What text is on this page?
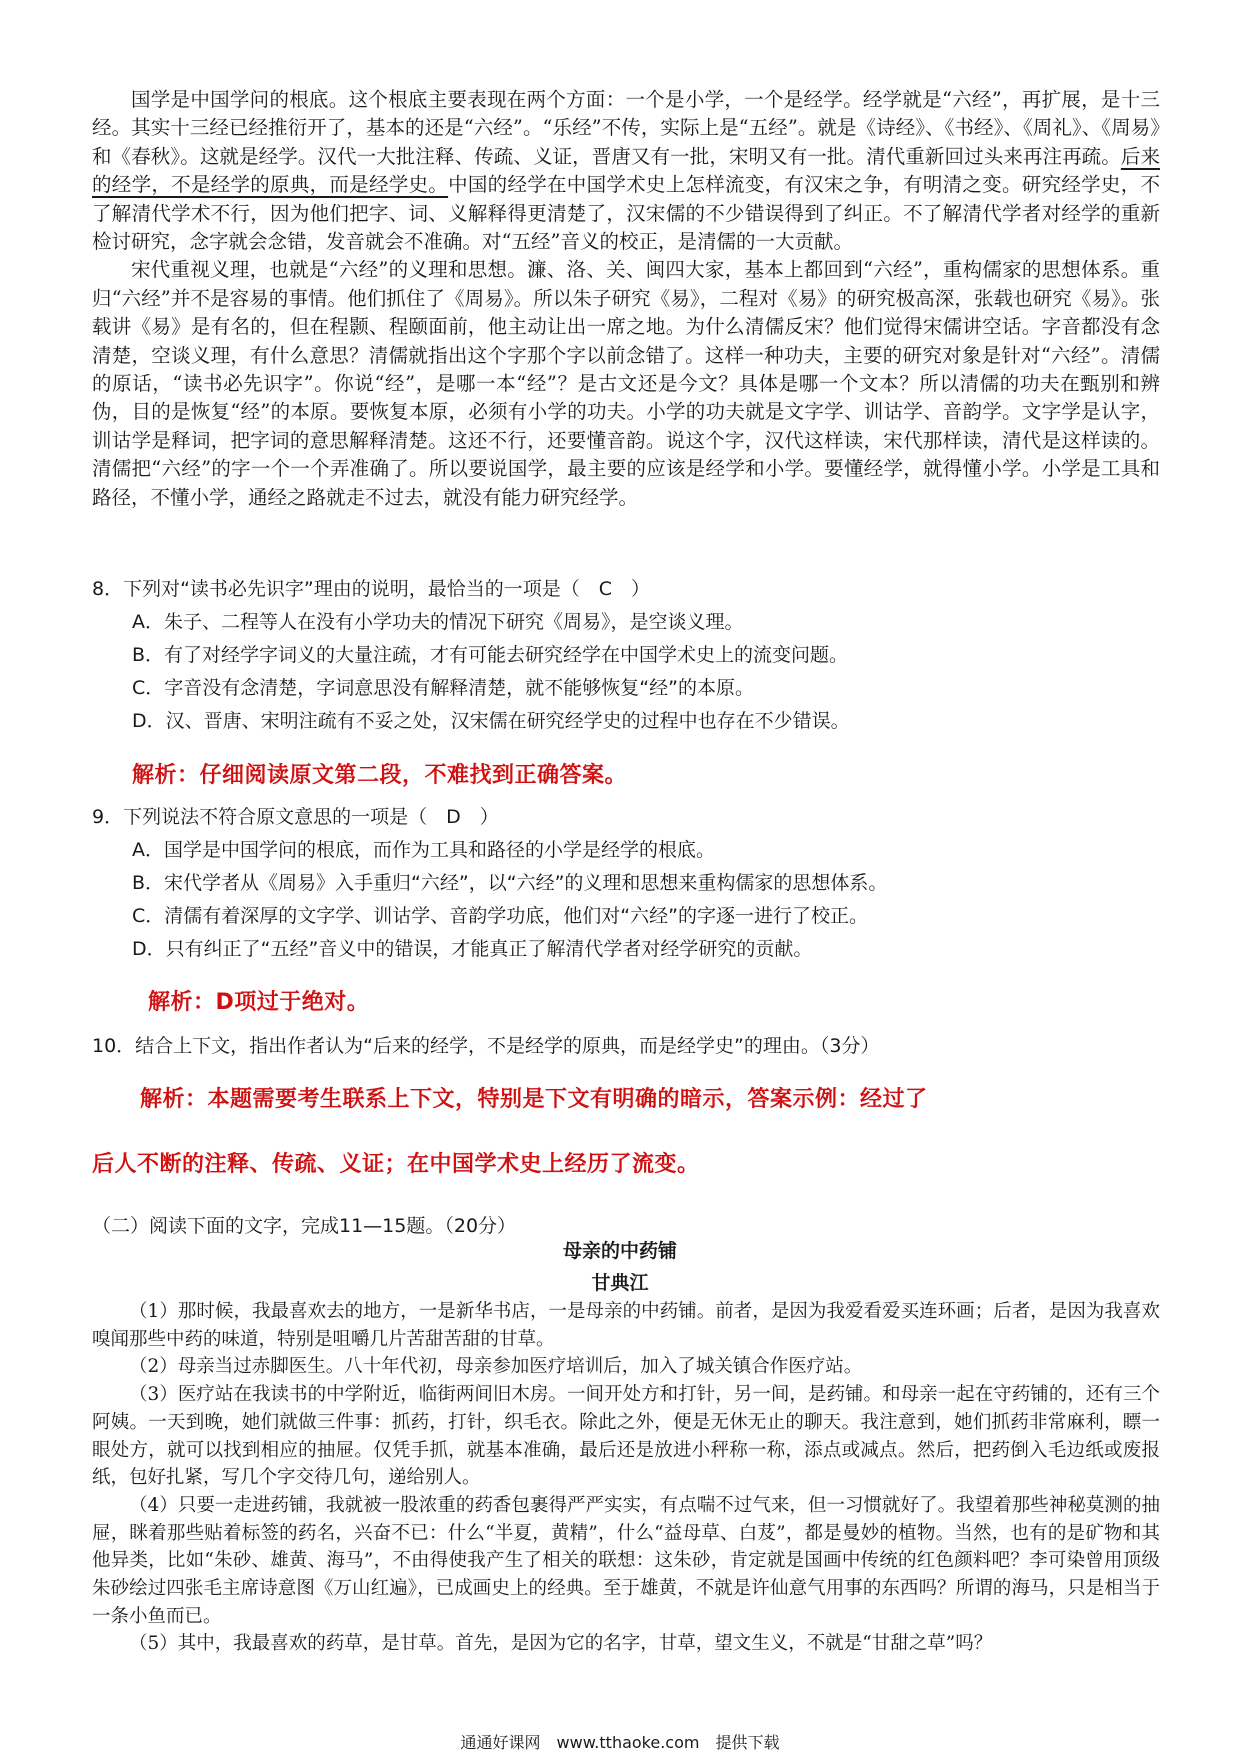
国学是中国学问的根底。这个根底主要表现在两个方面：一个是小学，一个是经学。经学就是“六经”，再扩展，是十三经。其实十三经已经推衍开了，基本的还是“六经”。“乐经”不传，实际上是“五经”。就是《诗经》、《书经》、《周礼》、《周易》和《春秋》。这就是经学。汉代一大批注释、传疏、义证，晋唐又有一批，宋明又有一批。清代重新回过头来再注再疏。后来的经学，不是经学的原典，而是经学史。中国的经学在中国学术史上怎样流变，有汉宋之争，有明清之变。研究经学史，不了解清代学术不行，因为他们把字、词、义解释得更清楚了，汉宋儒的不少错误得到了纠正。不了解清代学者对经学的重新检讨研究，念字就会念错，发音就会不准确。对“五经”音义的校正，是清儒的一大贡献。

宋代重视义理，也就是“六经”的义理和思想。濂、洛、关、闽四大家，基本上都回到“六经”，重构儒家的思想体系。重归“六经”并不是容易的事情。他们抓住了《周易》。所以朱子研究《易》，二程对《易》的研究极高深，张载也研究《易》。张载讲《易》是有名的，但在程颢、程颐面前，他主动让出一席之地。为什么清儒反宋？他们觉得宋儒讲空话。字音都没有念清楚，空谈义理，有什么意思？清儒就指出这个字那个字以前念错了。这样一种功夫，主要的研究对象是针对“六经”。清儒的原话，“读书必先识字”。你说“经”，是哪一本“经”？是古文还是今文？具体是哪一个文本？所以清儒的功夫在甄别和辨伪，目的是恢复“经”的本原。要恢复本原，必须有小学的功夫。小学的功夫就是文字学、训诂学、音韵学。文字学是认字，训诂学是释词，把字词的意思解释清楚。这还不行，还要懂音韵。说这个字，汉代这样读，宋代那样读，清代是这样读的。清儒把“六经”的字一个一个弄准确了。所以要说国学，最主要的应该是经学和小学。要懂经学，就得懂小学。小学是工具和路径，不懂小学，通经之路就走不过去，就没有能力研究经学。

8．下列对“读书必先识字”理由的说明，最恰当的一项是（　C　）
A．朱子、二程等人在没有小学功夫的情况下研究《周易》，是空谈义理。
B．有了对经学字词义的大量注疏，才有可能去研究经学在中国学术史上的流变问题。
C．字音没有念清楚，字词意思没有解释清楚，就不能够恢复“经”的本原。
D．汉、晋唐、宋明注疏有不妥之处，汉宋儒在研究经学史的过程中也存在不少错误。
解析：仔细阅读原文第二段，不难找到正确答案。
9．下列说法不符合原文意思的一项是（　D　）
A．国学是中国学问的根底，而作为工具和路径的小学是经学的根底。
B．宋代学者从《周易》入手重归“六经”，以“六经”的义理和思想来重构儒家的思想体系。
C．清儒有着深厚的文字学、训诂学、音韵学功底，他们对“六经”的字逐一进行了校正。
D．只有纠正了“五经”音义中的错误，才能真正了解清代学者对经学研究的贡献。
解析：D项过于绝对。
10．结合上下文，指出作者认为“后来的经学，不是经学的原典，而是经学史”的理由。（3分）
解析：本题需要考生联系上下文，特别是下文有明确的暗示，答案示例：经过了
后人不断的注释、传疏、义证；在中国学术史上经历了流变。
（二）阅读下面的文字，完成11—15题。（20分）
母亲的中药铺
甘典江

（1）那时候，我最喜欢去的地方，一是新华书店，一是母亲的中药铺。前者，是因为我爱看爱买连环画；后者，是因为我喜欢嗅闻那些中药的味道，特别是咀嚼几片苦甜苦甜的甘草。

（2）母亲当过赤脚医生。八十年代初，母亲参加医疗培训后，加入了城关镇合作医疗站。

（3）医疗站在我读书的中学附近，临街两间旧木房。一间开处方和打针，另一间，是药铺。和母亲一起在守药铺的，还有三个阿姨。一天到晚，她们就做三件事：抓药，打针，织毛衣。除此之外，便是无休无止的聊天。我注意到，她们抓药非常麻利，瞟一眼处方，就可以找到相应的抽屉。仅凭手抓，就基本准确，最后还是放进小秤称一称，添点或减点。然后，把药倒入毛边纸或废报纸，包好扎紧，写几个字交待几句，递给别人。

（4）只要一走进药铺，我就被一股浓重的药香包裹得严严实实，有点喘不过气来，但一习惯就好了。我望着那些神秘莫测的抽屉，眯着那些贴着标签的药名，兴奋不已：什么“半夏，黄精”，什么“益母草、白芨”，都是曼妙的植物。当然，也有的是矿物和其他异类，比如“朱砂、雄黄、海马”，不由得使我产生了相关的联想：这朱砂，肯定就是国画中传统的红色颜料吧？李可染曾用顶级朱砂绘过四张毛主席诗意图《万山红遍》，已成画史上的经典。至于雄黄，不就是许仙意气用事的东西吗？所谓的海马，只是相当于一条小鱼而已。

（5）其中，我最喜欢的药草，是甘草。首先，是因为它的名字，甘草，望文生义，不就是“甘甜之草”吗？

通通好课网　www.tthaoke.com　提供下载
